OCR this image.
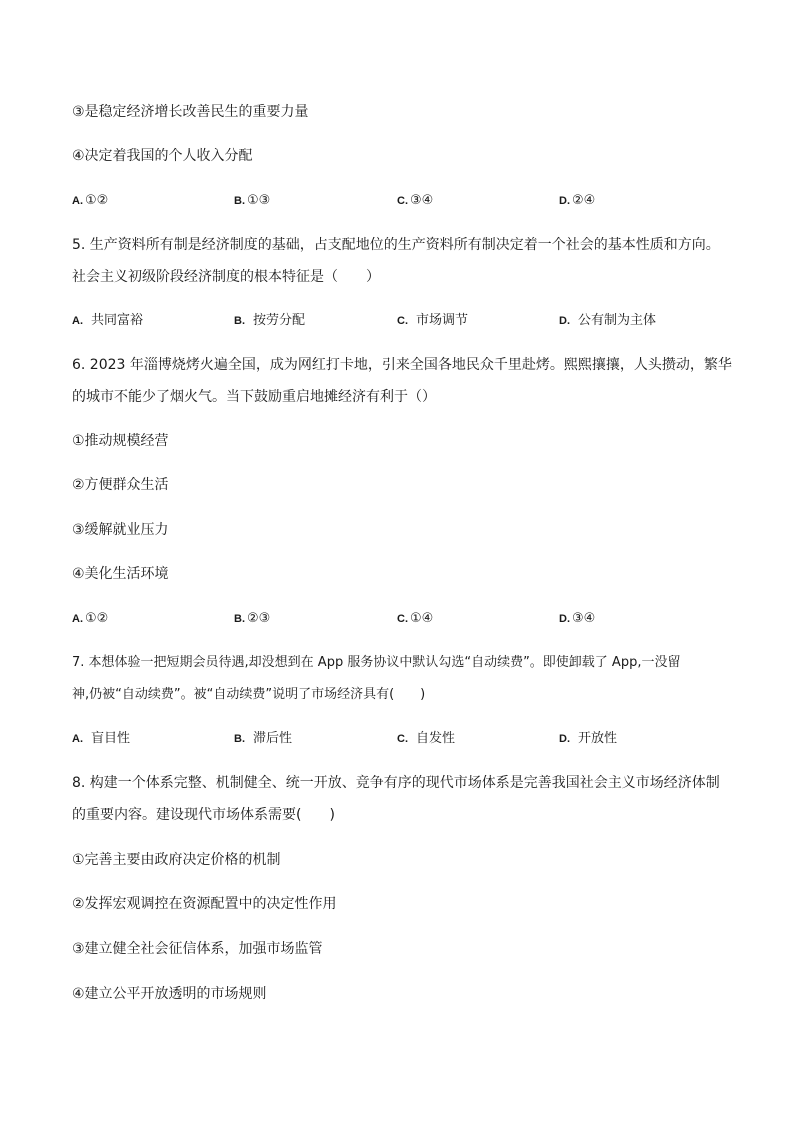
③是稳定经济增长改善民生的重要力量
④决定着我国的个人收入分配
A. ①②	B. ①③	C. ③④	D. ②④
5. 生产资料所有制是经济制度的基础，占支配地位的生产资料所有制决定着一个社会的基本性质和方向。
社会主义初级阶段经济制度的根本特征是（　　）
A. 共同富裕	B. 按劳分配	C. 市场调节	D. 公有制为主体
6. 2023 年淄博烧烤火遍全国，成为网红打卡地，引来全国各地民众千里赴烤。熙熙攘攘，人头攒动，繁华
的城市不能少了烟火气。当下鼓励重启地摊经济有利于（）
①推动规模经营
②方便群众生活
③缓解就业压力
④美化生活环境
A. ①②	B. ②③	C. ①④	D. ③④
7. 本想体验一把短期会员待遇,却没想到在 App 服务协议中默认勾选“自动续费”。即使卸载了 App,一没留
神,仍被“自动续费”。被“自动续费”说明了市场经济具有(　　)
A. 盲目性	B. 滞后性	C. 自发性	D. 开放性
8. 构建一个体系完整、机制健全、统一开放、竞争有序的现代市场体系是完善我国社会主义市场经济体制
的重要内容。建设现代市场体系需要(　　)
①完善主要由政府决定价格的机制
②发挥宏观调控在资源配置中的决定性作用
③建立健全社会征信体系，加强市场监管
④建立公平开放透明的市场规则
